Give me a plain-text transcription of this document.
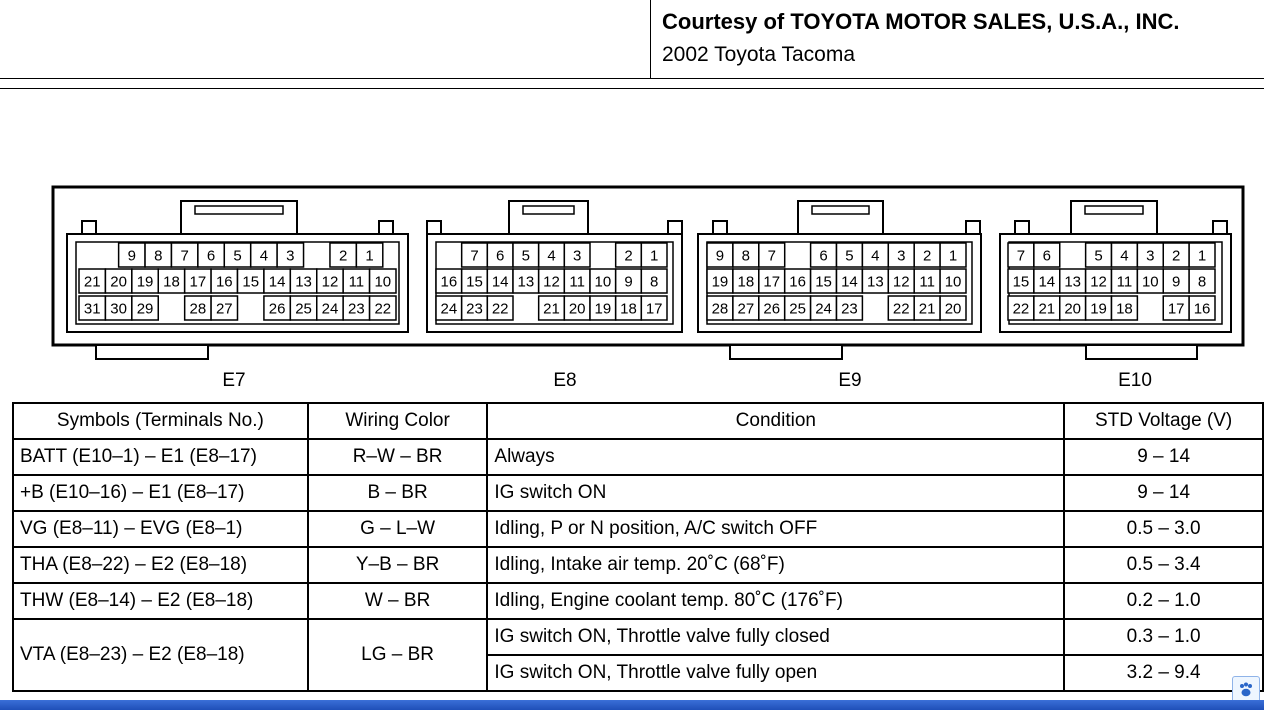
Courtesy of TOYOTA MOTOR SALES, U.S.A., INC.
2002 Toyota Tacoma
9 8 7 6 5 4 3	2 1
21 20 19 18 17 16 15 14 13 12 11 10
31 30 29 28 27 26 25 24 23 22
E7
7 6 5 4 3	2 1
16 15 14 13 12 11 10 9 8
24 23 22 21 20 19 18 17
E8
9 8 7	6 5 4 3 2 1
19 18 17 16 15 14 13 12 11 10
28 27 26 25 24 23 22 21 20
E9
7 6	5 4 3 2 1
15 14 13 12 11 10 9 8
22 21 20 19 18 17 16
E10
Symbols (Terminals No.)	Wiring Color	Condition	STD Voltage (V)
BATT (E10–1) – E1 (E8–17)	R–W – BR	Always	9 – 14
+B (E10–16) – E1 (E8–17)	B – BR	IG switch ON	9 – 14
VG (E8–11) – EVG (E8–1)	G – L–W	Idling, P or N position, A/C switch OFF	0.5 – 3.0
THA (E8–22) – E2 (E8–18)	Y–B – BR	Idling, Intake air temp. 20˚C (68˚F)	0.5 – 3.4
THW (E8–14) – E2 (E8–18)	W – BR	Idling, Engine coolant temp. 80˚C (176˚F)	0.2 – 1.0
VTA (E8–23) – E2 (E8–18)	LG – BR	IG switch ON, Throttle valve fully closed	0.3 – 1.0
		IG switch ON, Throttle valve fully open	3.2 – 9.4
